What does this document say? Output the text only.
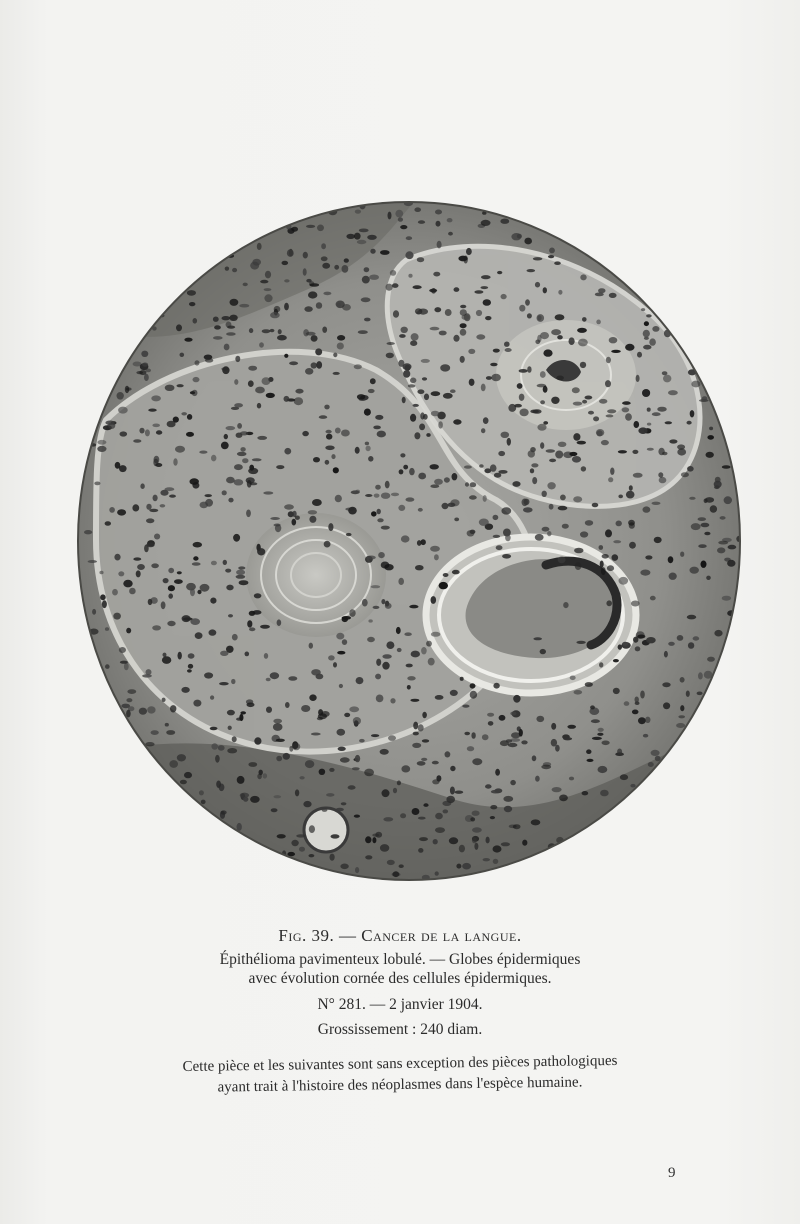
Fig. 39. — Cancer de la langue.
Épithélioma pavimenteux lobulé. — Globes épidermiques
avec évolution cornée des cellules épidermiques.
N° 281. — 2 janvier 1904.
Grossissement : 240 diam.
Cette pièce et les suivantes sont sans exception des pièces pathologiques
ayant trait à l'histoire des néoplasmes dans l'espèce humaine.
9
